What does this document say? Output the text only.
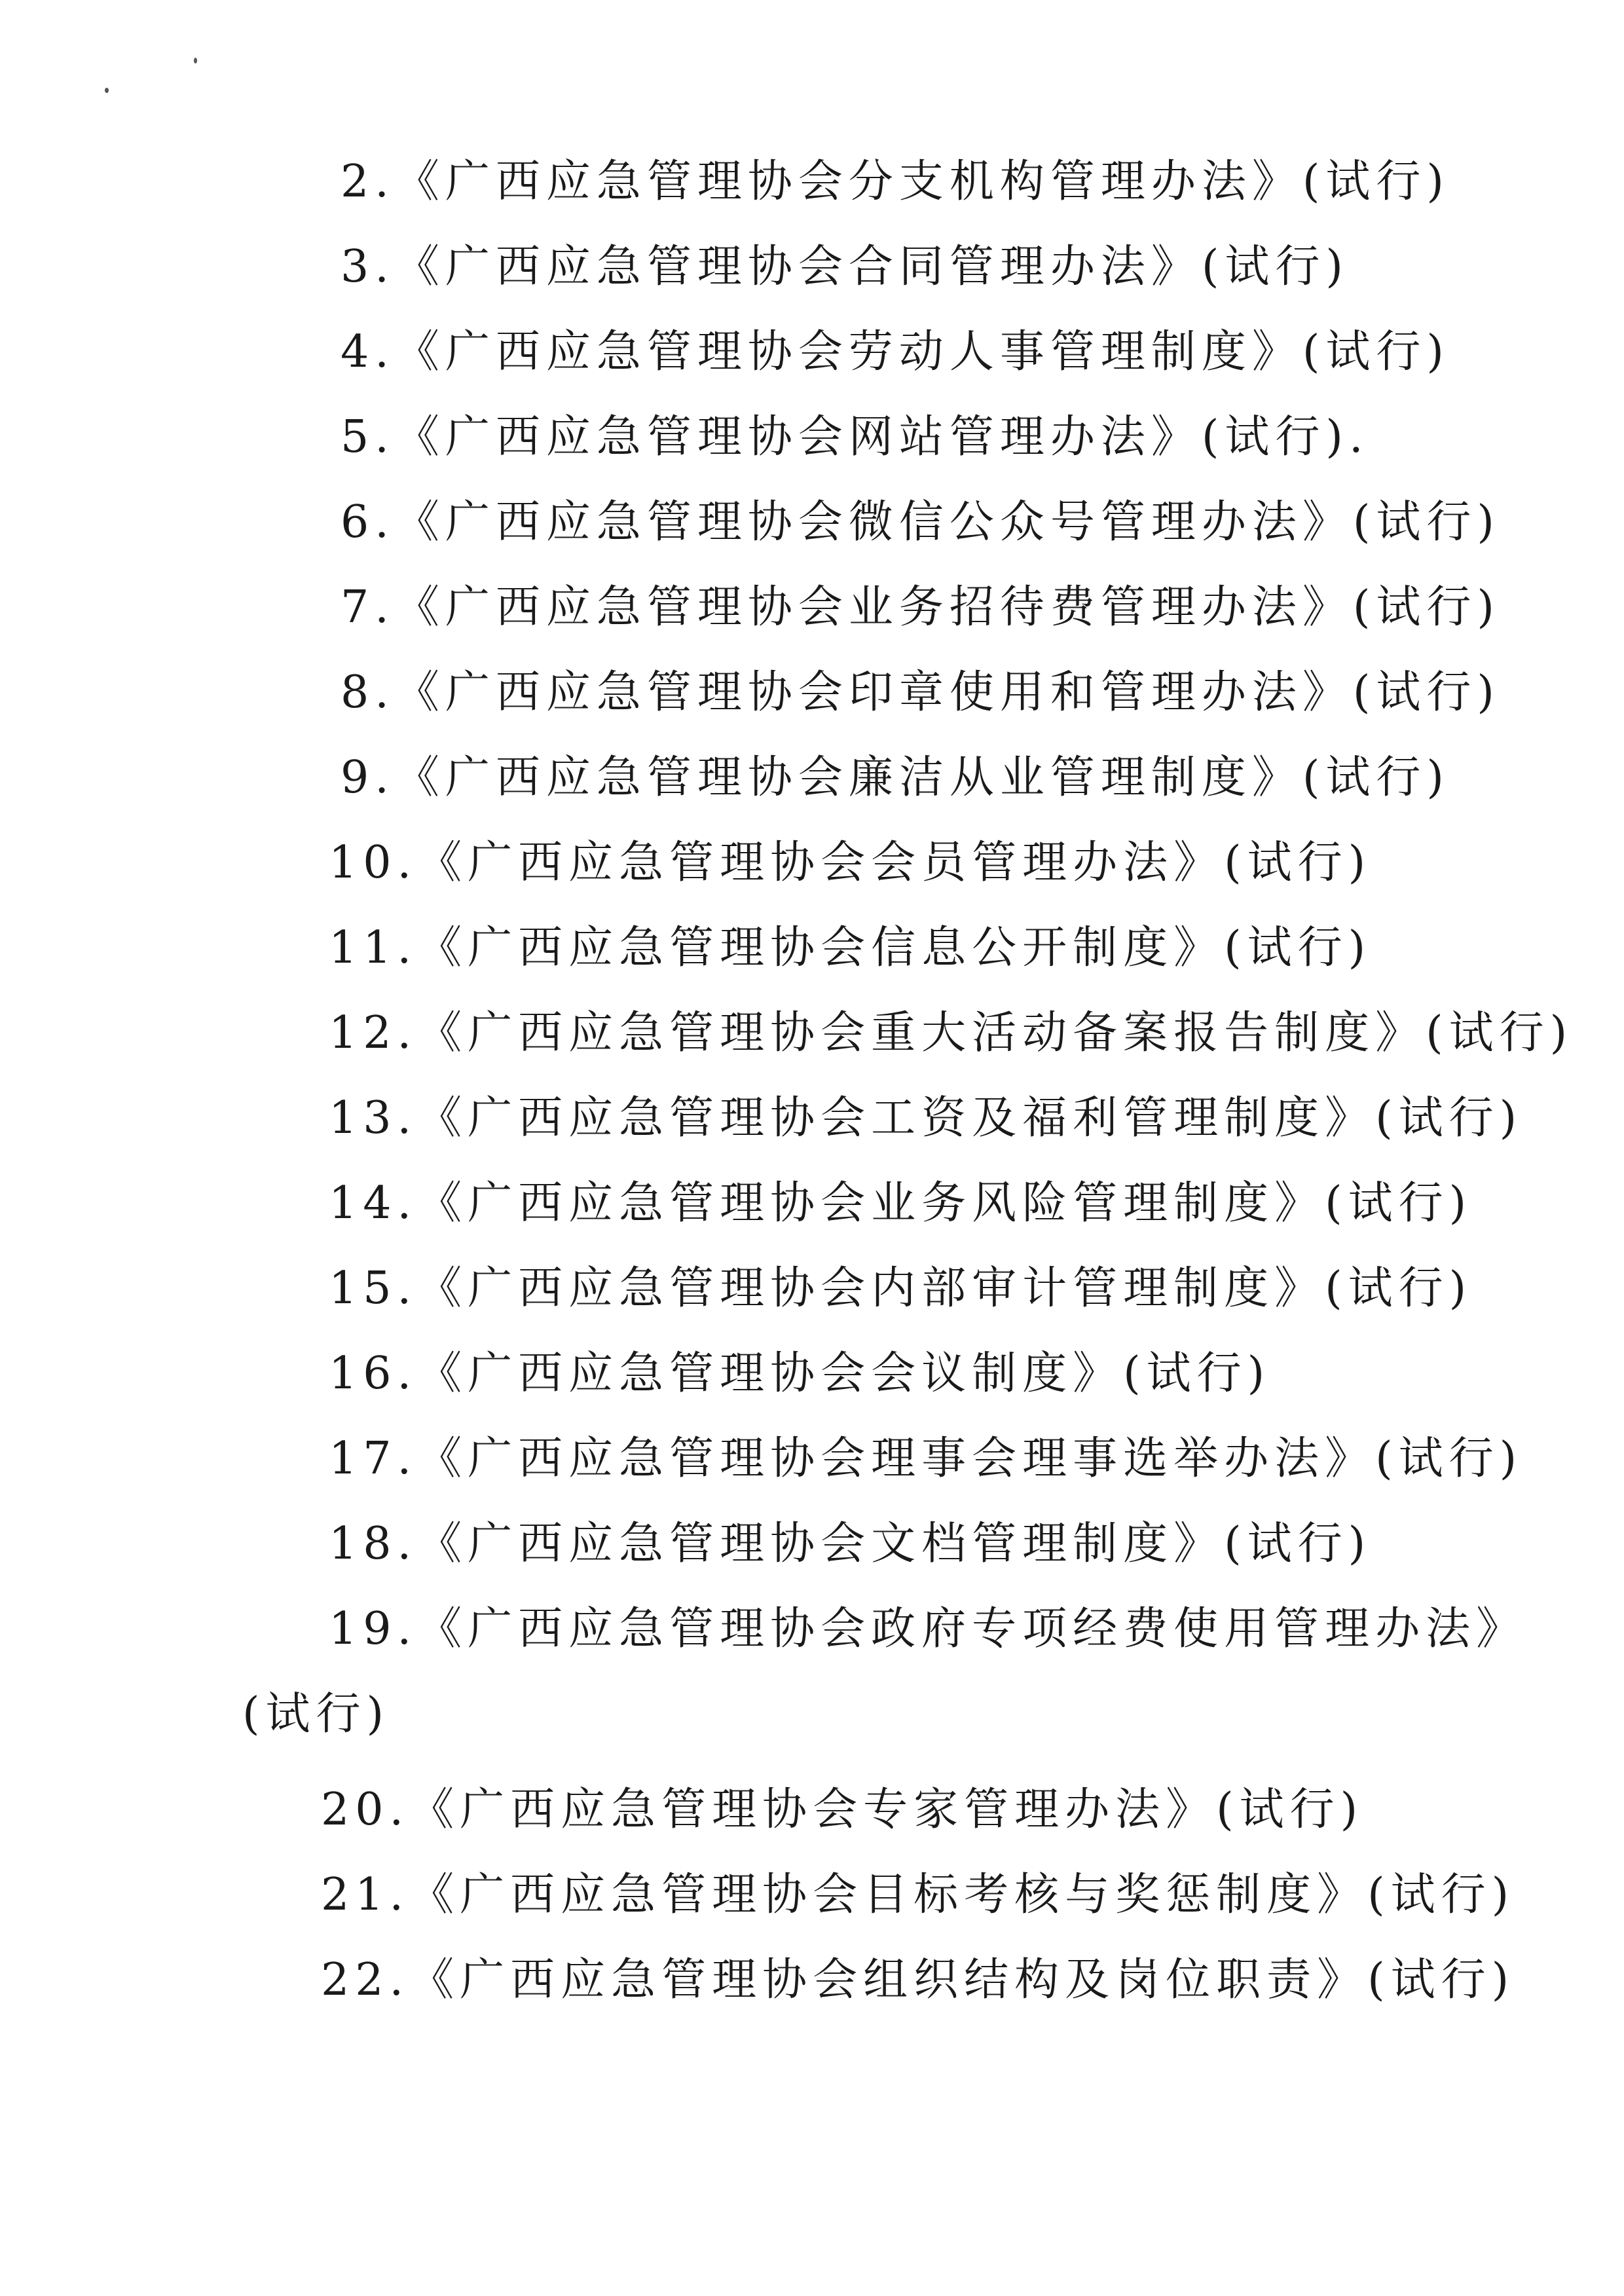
2.《广西应急管理协会分支机构管理办法》(试行)
3.《广西应急管理协会合同管理办法》(试行)
4.《广西应急管理协会劳动人事管理制度》(试行)
5.《广西应急管理协会网站管理办法》(试行).
6.《广西应急管理协会微信公众号管理办法》(试行)
7.《广西应急管理协会业务招待费管理办法》(试行)
8.《广西应急管理协会印章使用和管理办法》(试行)
9.《广西应急管理协会廉洁从业管理制度》(试行)
10.《广西应急管理协会会员管理办法》(试行)
11.《广西应急管理协会信息公开制度》(试行)
12.《广西应急管理协会重大活动备案报告制度》(试行)
13.《广西应急管理协会工资及福利管理制度》(试行)
14.《广西应急管理协会业务风险管理制度》(试行)
15.《广西应急管理协会内部审计管理制度》(试行)
16.《广西应急管理协会会议制度》(试行)
17.《广西应急管理协会理事会理事选举办法》(试行)
18.《广西应急管理协会文档管理制度》(试行)
19.《广西应急管理协会政府专项经费使用管理办法》
(试行)
20.《广西应急管理协会专家管理办法》(试行)
21.《广西应急管理协会目标考核与奖惩制度》(试行)
22.《广西应急管理协会组织结构及岗位职责》(试行)
